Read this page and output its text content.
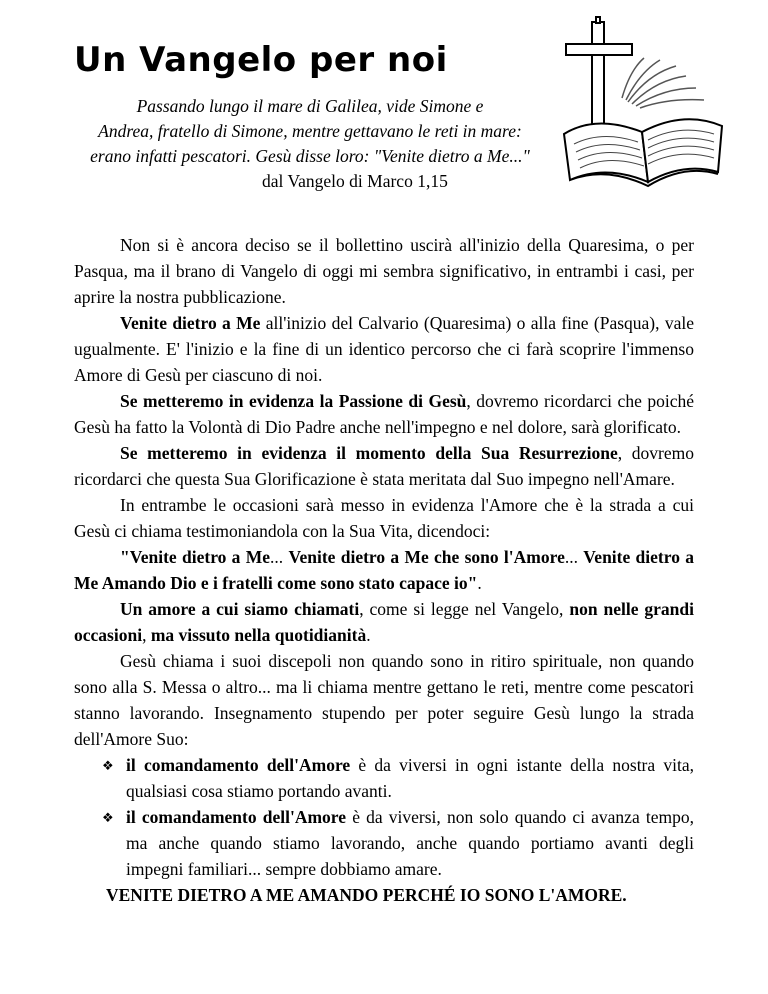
Un Vangelo per noi
Passando lungo il mare di Galilea, vide Simone e
Andrea, fratello di Simone, mentre gettavano le reti in mare:
erano infatti pescatori. Gesù disse loro: "Venite dietro a Me..."
dal Vangelo di Marco 1,15

Non si è ancora deciso se il bollettino uscirà all'inizio della Quaresima, o per Pasqua, ma il brano di Vangelo di oggi mi sembra significativo, in entrambi i casi, per aprire la nostra pubblicazione.

Venite dietro a Me all'inizio del Calvario (Quaresima) o alla fine (Pasqua), vale ugualmente. E' l'inizio e la fine di un identico percorso che ci farà scoprire l'immenso Amore di Gesù per ciascuno di noi.

Se metteremo in evidenza la Passione di Gesù, dovremo ricordarci che poiché Gesù ha fatto la Volontà di Dio Padre anche nell'impegno e nel dolore, sarà glorificato.

Se metteremo in evidenza il momento della Sua Resurrezione, dovremo ricordarci che questa Sua Glorificazione è stata meritata dal Suo impegno nell'Amare.

In entrambe le occasioni sarà messo in evidenza l'Amore che è la strada a cui Gesù ci chiama testimoniandola con la Sua Vita, dicendoci:

"Venite dietro a Me... Venite dietro a Me che sono l'Amore... Venite dietro a Me Amando Dio e i fratelli come sono stato capace io".

Un amore a cui siamo chiamati, come si legge nel Vangelo, non nelle grandi occasioni, ma vissuto nella quotidianità.

Gesù chiama i suoi discepoli non quando sono in ritiro spirituale, non quando sono alla S. Messa o altro... ma li chiama mentre gettano le reti, mentre come pescatori stanno lavorando. Insegnamento stupendo per poter seguire Gesù lungo la strada dell'Amore Suo:

❖ il comandamento dell'Amore è da viversi in ogni istante della nostra vita, qualsiasi cosa stiamo portando avanti.
❖ il comandamento dell'Amore è da viversi, non solo quando ci avanza tempo, ma anche quando stiamo lavorando, anche quando portiamo avanti degli impegni familiari... sempre dobbiamo amare.
VENITE DIETRO A ME AMANDO PERCHÉ IO SONO L'AMORE.
